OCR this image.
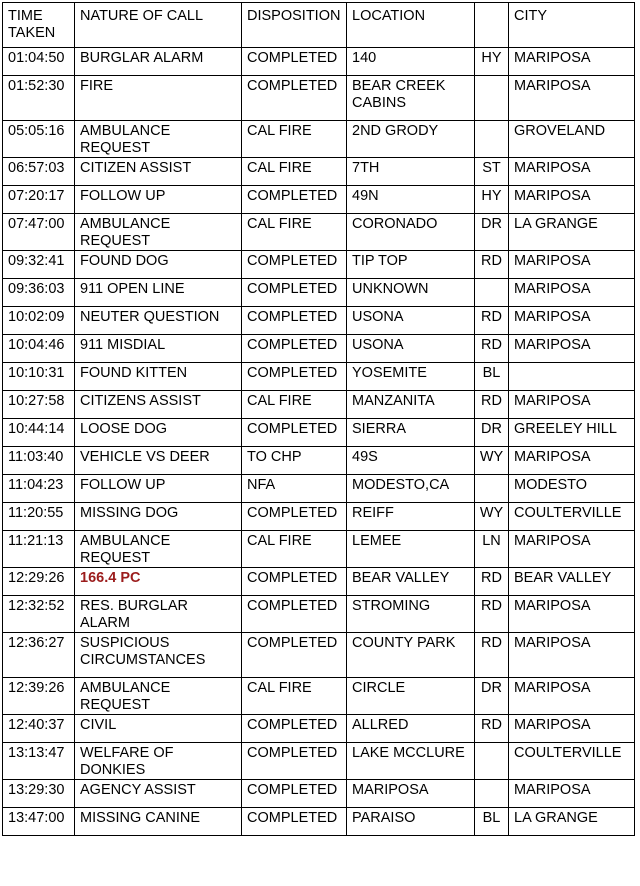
TIME TAKEN	NATURE OF CALL	DISPOSITION	LOCATION		CITY
01:04:50	BURGLAR ALARM	COMPLETED	140	HY	MARIPOSA
01:52:30	FIRE	COMPLETED	BEAR CREEK CABINS		MARIPOSA
05:05:16	AMBULANCE REQUEST	CAL FIRE	2ND GRODY		GROVELAND
06:57:03	CITIZEN ASSIST	CAL FIRE	7TH	ST	MARIPOSA
07:20:17	FOLLOW UP	COMPLETED	49N	HY	MARIPOSA
07:47:00	AMBULANCE REQUEST	CAL FIRE	CORONADO	DR	LA GRANGE
09:32:41	FOUND DOG	COMPLETED	TIP TOP	RD	MARIPOSA
09:36:03	911 OPEN LINE	COMPLETED	UNKNOWN		MARIPOSA
10:02:09	NEUTER QUESTION	COMPLETED	USONA	RD	MARIPOSA
10:04:46	911 MISDIAL	COMPLETED	USONA	RD	MARIPOSA
10:10:31	FOUND KITTEN	COMPLETED	YOSEMITE	BL	
10:27:58	CITIZENS ASSIST	CAL FIRE	MANZANITA	RD	MARIPOSA
10:44:14	LOOSE DOG	COMPLETED	SIERRA	DR	GREELEY HILL
11:03:40	VEHICLE VS DEER	TO CHP	49S	WY	MARIPOSA
11:04:23	FOLLOW UP	NFA	MODESTO,CA		MODESTO
11:20:55	MISSING DOG	COMPLETED	REIFF	WY	COULTERVILLE
11:21:13	AMBULANCE REQUEST	CAL FIRE	LEMEE	LN	MARIPOSA
12:29:26	166.4 PC	COMPLETED	BEAR VALLEY	RD	BEAR VALLEY
12:32:52	RES. BURGLAR ALARM	COMPLETED	STROMING	RD	MARIPOSA
12:36:27	SUSPICIOUS CIRCUMSTANCES	COMPLETED	COUNTY PARK	RD	MARIPOSA
12:39:26	AMBULANCE REQUEST	CAL FIRE	CIRCLE	DR	MARIPOSA
12:40:37	CIVIL	COMPLETED	ALLRED	RD	MARIPOSA
13:13:47	WELFARE OF DONKIES	COMPLETED	LAKE MCCLURE		COULTERVILLE
13:29:30	AGENCY ASSIST	COMPLETED	MARIPOSA		MARIPOSA
13:47:00	MISSING CANINE	COMPLETED	PARAISO	BL	LA GRANGE
